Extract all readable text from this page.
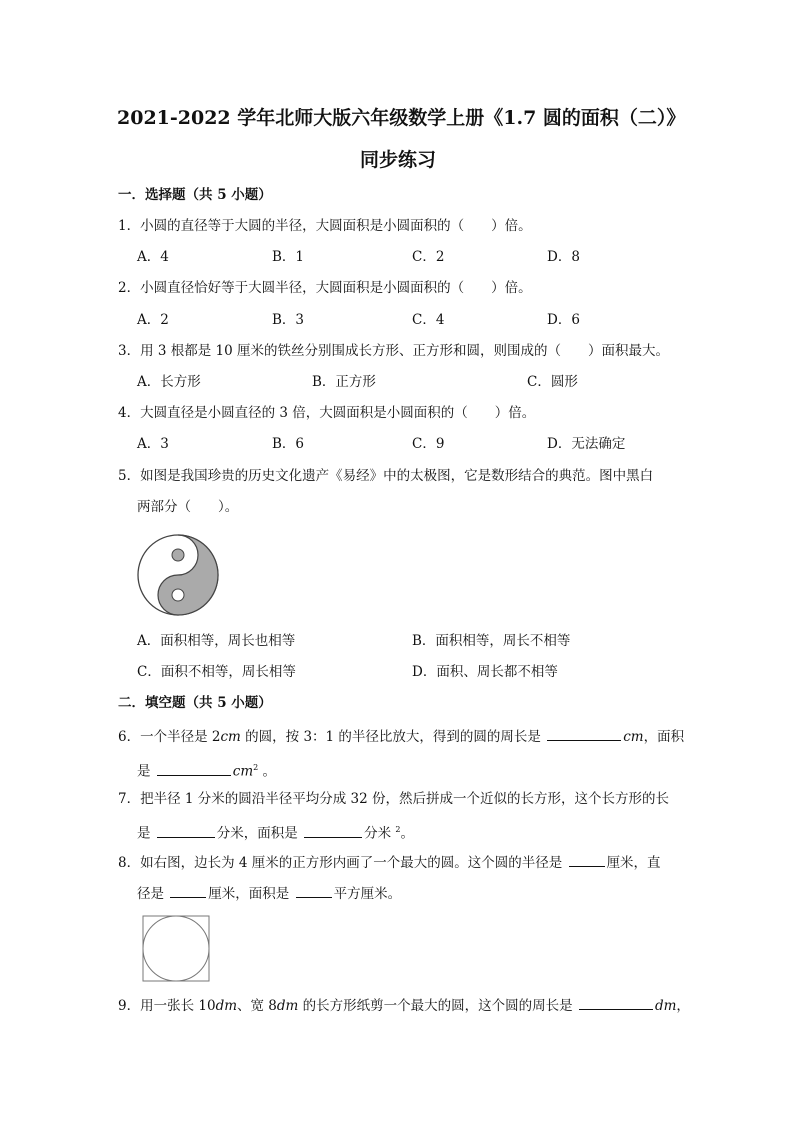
2021-2022 学年北师大版六年级数学上册《1.7 圆的面积（二）》
同步练习
一．选择题（共 5 小题）
1．小圆的直径等于大圆的半径，大圆面积是小圆面积的（　　）倍。
A．4	B．1	C．2	D．8
2．小圆直径恰好等于大圆半径，大圆面积是小圆面积的（　　）倍。
A．2	B．3	C．4	D．6
3．用 3 根都是 10 厘米的铁丝分别围成长方形、正方形和圆，则围成的（　　）面积最大。
A．长方形	B．正方形	C．圆形
4．大圆直径是小圆直径的 3 倍，大圆面积是小圆面积的（　　）倍。
A．3	B．6	C．9	D．无法确定
5．如图是我国珍贵的历史文化遗产《易经》中的太极图，它是数形结合的典范。图中黑白
两部分（　　）。
A．面积相等，周长也相等	B．面积相等，周长不相等
C．面积不相等，周长相等	D．面积、周长都不相等
二．填空题（共 5 小题）
6．一个半径是 2cm 的圆，按 3：1 的半径比放大，得到的圆的周长是	cm，面积
是	$cm^2$ 。
7．把半径 1 分米的圆沿半径平均分成 32 份，然后拼成一个近似的长方形，这个长方形的长
是	分米，面积是	分米 $^2$。
8．如右图，边长为 4 厘米的正方形内画了一个最大的圆。这个圆的半径是	厘米，直
径是	厘米，面积是	平方厘米。
9．用一张长 10dm、宽 8dm 的长方形纸剪一个最大的圆，这个圆的周长是	dm，
